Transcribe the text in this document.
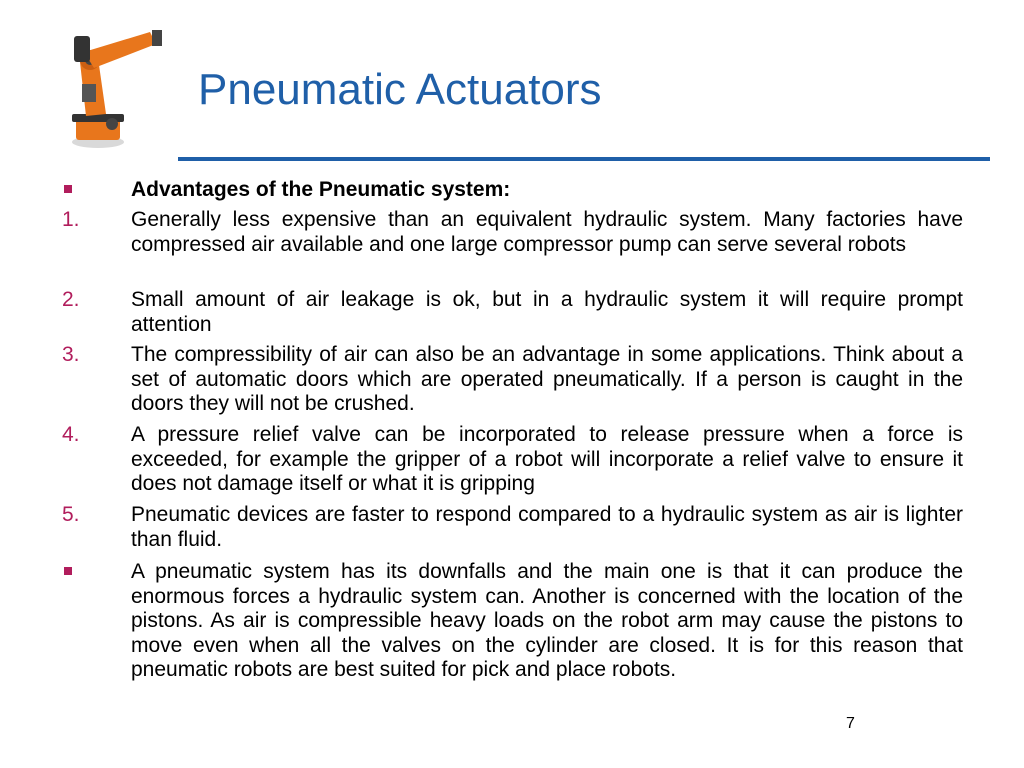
Pneumatic Actuators
Advantages of the Pneumatic system:
1. Generally less expensive than an equivalent hydraulic system. Many factories have compressed air available and one large compressor pump can serve several robots
2. Small amount of air leakage is ok, but in a hydraulic system it will require prompt attention
3. The compressibility of air can also be an advantage in some applications. Think about a set of automatic doors which are operated pneumatically. If a person is caught in the doors they will not be crushed.
4. A pressure relief valve can be incorporated to release pressure when a force is exceeded, for example the gripper of a robot will incorporate a relief valve to ensure it does not damage itself or what it is gripping
5. Pneumatic devices are faster to respond compared to a hydraulic system as air is lighter than fluid.
A pneumatic system has its downfalls and the main one is that it can produce the enormous forces a hydraulic system can. Another is concerned with the location of the pistons. As air is compressible heavy loads on the robot arm may cause the pistons to move even when all the valves on the cylinder are closed. It is for this reason that pneumatic robots are best suited for pick and place robots.
7
